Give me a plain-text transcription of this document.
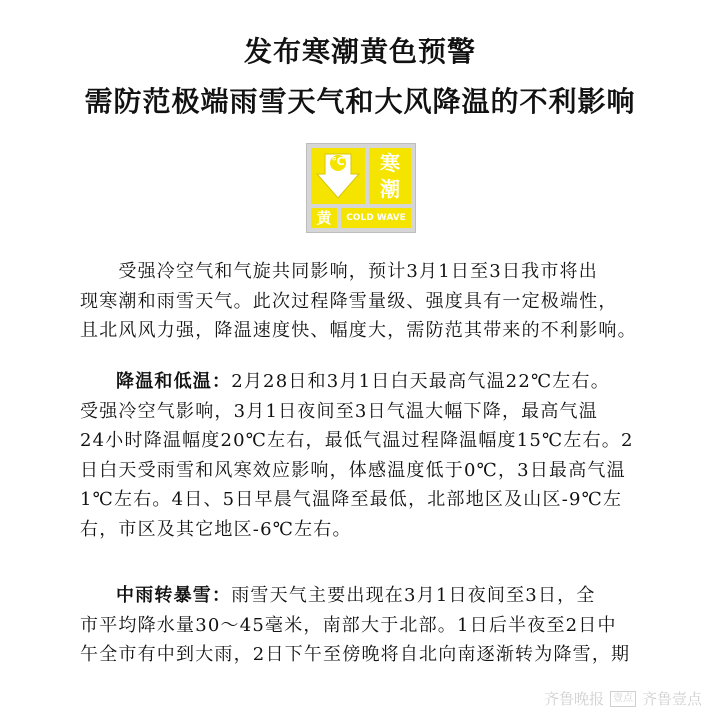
发布寒潮黄色预警
需防范极端雨雪天气和大风降温的不利影响
℃	寒
潮
黄	COLD WAVE
　　受强冷空气和气旋共同影响，预计3月1日至3日我市将出
现寒潮和雨雪天气。此次过程降雪量级、强度具有一定极端性，
且北风风力强，降温速度快、幅度大，需防范其带来的不利影响。
降温和低温：2月28日和3月1日白天最高气温22℃左右。
受强冷空气影响，3月1日夜间至3日气温大幅下降，最高气温
24小时降温幅度20℃左右，最低气温过程降温幅度15℃左右。2
日白天受雨雪和风寒效应影响，体感温度低于0℃，3日最高气温
1℃左右。4日、5日早晨气温降至最低，北部地区及山区-9℃左
右，市区及其它地区-6℃左右。
中雨转暴雪：雨雪天气主要出现在3月1日夜间至3日，全
市平均降水量30～45毫米，南部大于北部。1日后半夜至2日中
午全市有中到大雨，2日下午至傍晚将自北向南逐渐转为降雪，期
齐鲁晚报 壹点 齐鲁壹点
